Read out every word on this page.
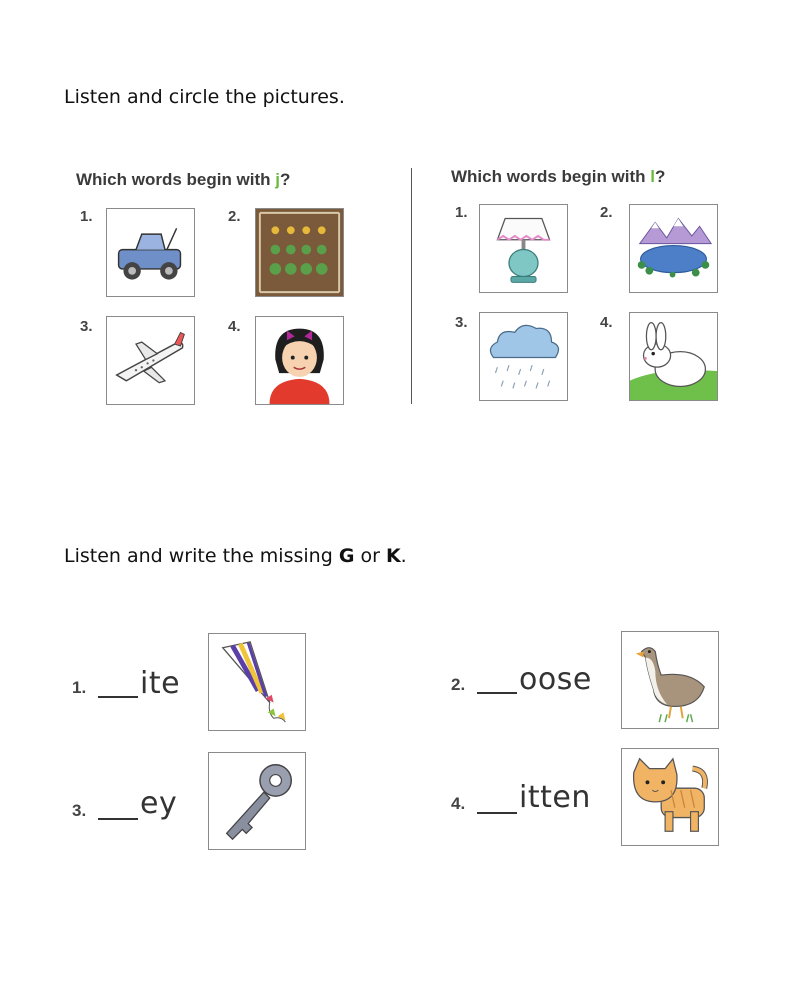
Listen and circle the pictures.
Which words begin with j?	Which words begin with l?
1.	2.
3.	4.
1.	2.
3.	4.
Listen and write the missing G or K.
1. ite	2. oose
3. ey	4. itten
